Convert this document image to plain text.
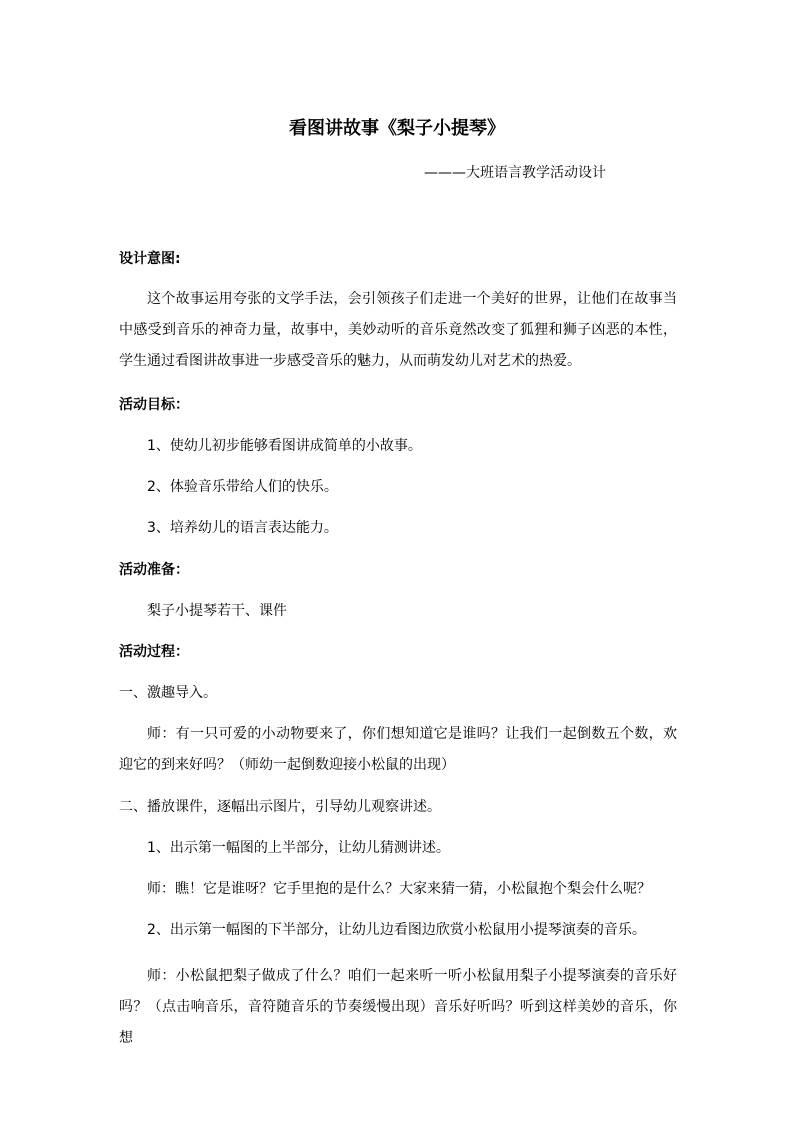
看图讲故事《梨子小提琴》
———大班语言教学活动设计
设计意图:
这个故事运用夸张的文学手法，会引领孩子们走进一个美好的世界，让他们在故事当中感受到音乐的神奇力量，故事中，美妙动听的音乐竟然改变了狐狸和狮子凶恶的本性，学生通过看图讲故事进一步感受音乐的魅力，从而萌发幼儿对艺术的热爱。
活动目标：
1、使幼儿初步能够看图讲成简单的小故事。
2、体验音乐带给人们的快乐。
3、培养幼儿的语言表达能力。
活动准备：
梨子小提琴若干、课件
活动过程：
一、激趣导入。
师：有一只可爱的小动物要来了，你们想知道它是谁吗？让我们一起倒数五个数，欢迎它的到来好吗？（师幼一起倒数迎接小松鼠的出现）
二、播放课件，逐幅出示图片，引导幼儿观察讲述。
1、出示第一幅图的上半部分，让幼儿猜测讲述。
师：瞧！它是谁呀？它手里抱的是什么？大家来猜一猜，小松鼠抱个梨会什么呢？
2、出示第一幅图的下半部分，让幼儿边看图边欣赏小松鼠用小提琴演奏的音乐。
师：小松鼠把梨子做成了什么？咱们一起来听一听小松鼠用梨子小提琴演奏的音乐好吗？（点击响音乐，音符随音乐的节奏缓慢出现）音乐好听吗？听到这样美妙的音乐，你想
